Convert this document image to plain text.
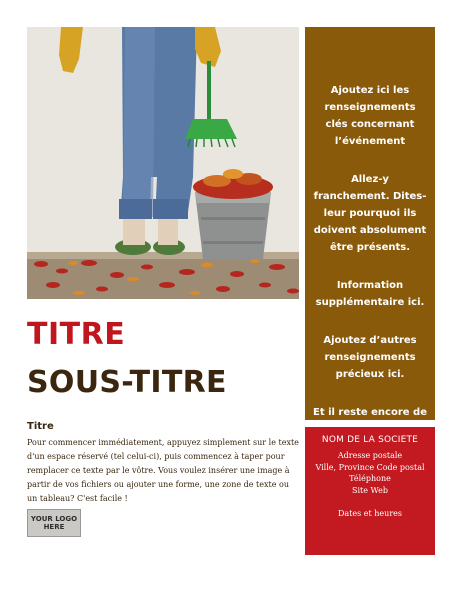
TITRE
SOUS-TITRE
Titre

Pour commencer immédiatement, appuyez simplement sur le texte d'un espace réservé (tel celui-ci), puis commencez à taper pour remplacer ce texte par le vôtre. Vous voulez insérer une image à partir de vos fichiers ou ajouter une forme, une zone de texte ou un tableau? C'est facile !

YOUR LOGO
HERE

Ajoutez ici les renseignements clés concernant l’événement

Allez-y franchement. Dites-leur pourquoi ils doivent absolument être présents.

Information supplémentaire ici.

Ajoutez d’autres renseignements précieux ici.

Et il reste encore de

NOM DE LA SOCIETE

Adresse postale

Ville, Province Code postal

Téléphone

Site Web

Dates et heures
